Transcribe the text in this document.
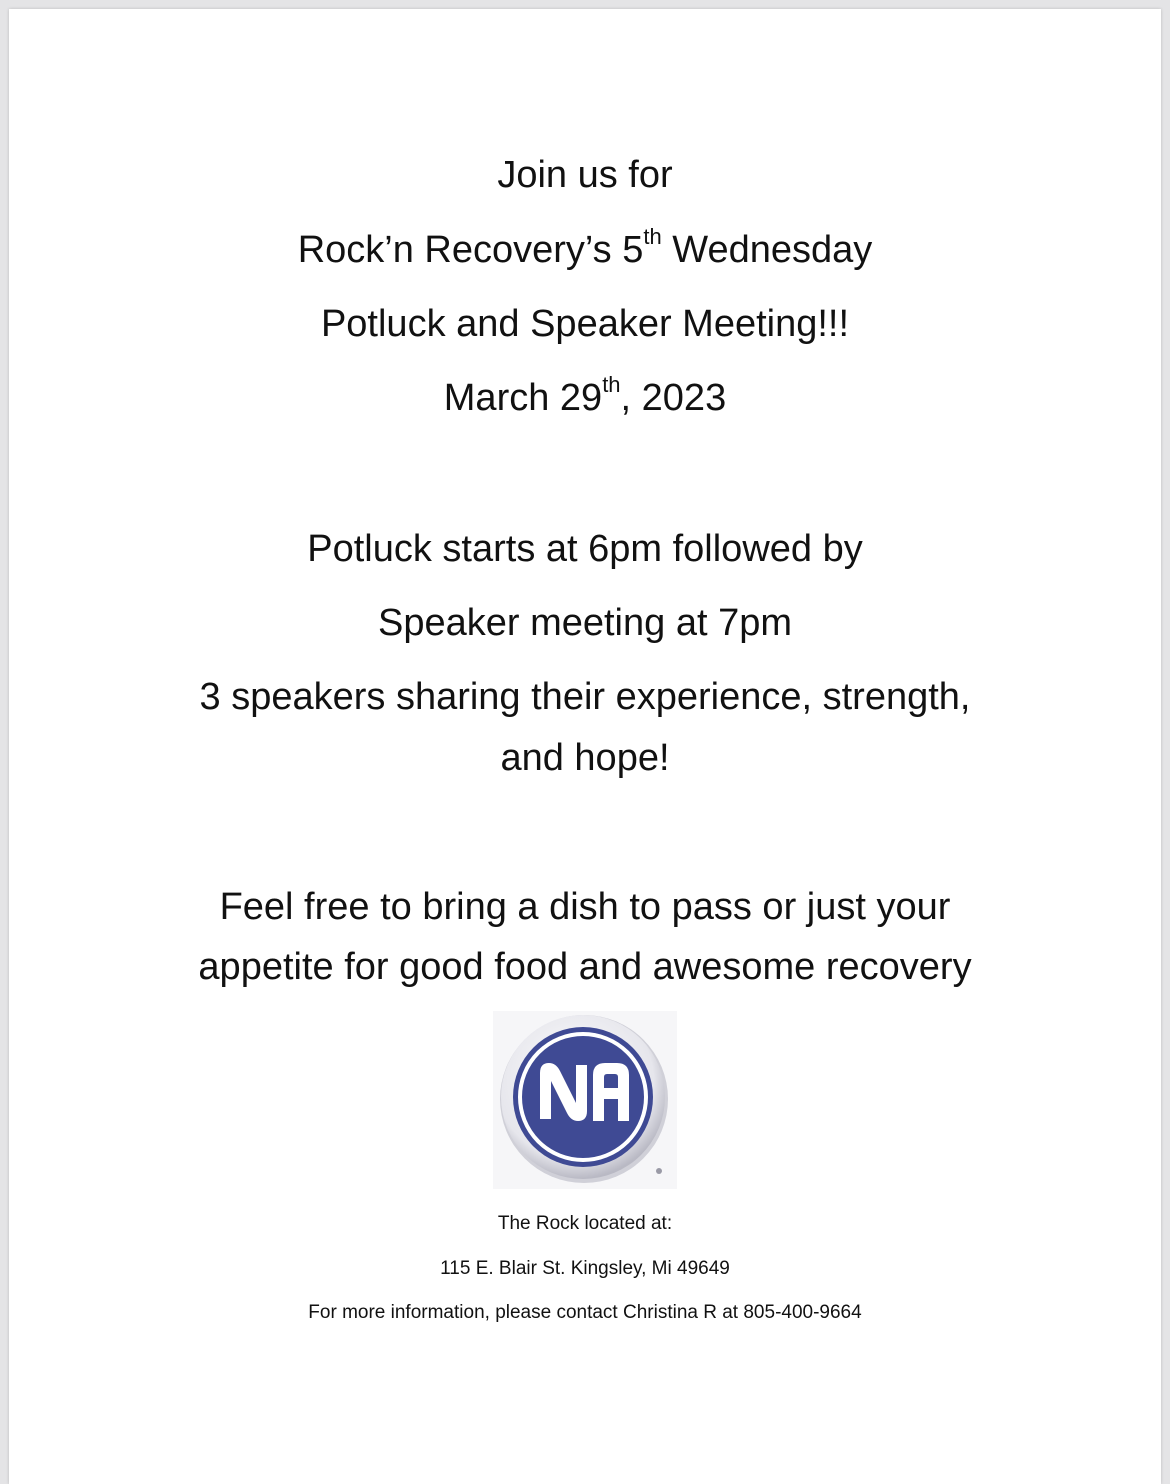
Join us for
Rock’n Recovery’s 5th Wednesday
Potluck and Speaker Meeting!!!
March 29th, 2023
Potluck starts at 6pm followed by
Speaker meeting at 7pm
3 speakers sharing their experience, strength,
and hope!
Feel free to bring a dish to pass or just your
appetite for good food and awesome recovery
The Rock located at:
115 E. Blair St. Kingsley, Mi 49649
For more information, please contact Christina R at 805-400-9664
